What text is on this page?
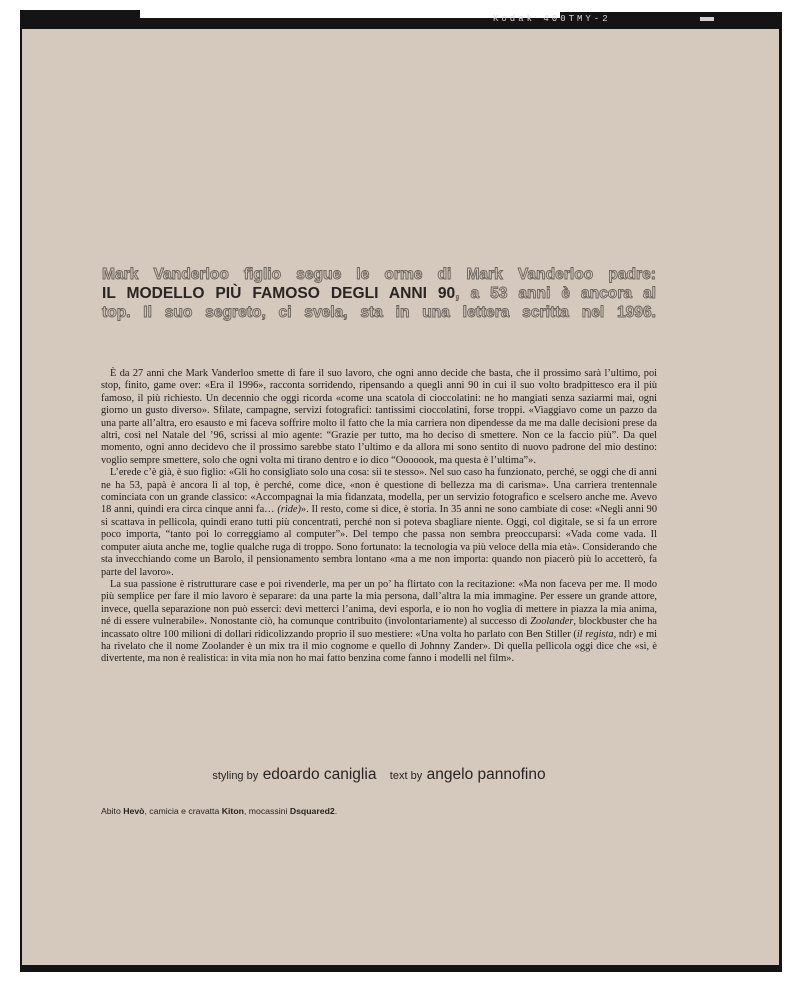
Kodak 400TMY-2
Mark Vanderloo figlio segue le orme di Mark Vanderloo padre:
IL MODELLO PIÙ FAMOSO DEGLI ANNI 90, a 53 anni è ancora al
top. Il suo segreto, ci svela, sta in una lettera scritta nel 1996.

È da 27 anni che Mark Vanderloo smette di fare il suo lavoro, che ogni anno decide che basta, che il prossimo sarà l’ultimo, poi stop, finito, game over: «Era il 1996», racconta sorridendo, ripensando a quegli anni 90 in cui il suo volto bradpittesco era il più famoso, il più richiesto. Un decennio che oggi ricorda «come una scatola di cioccolatini: ne ho mangiati senza saziarmi mai, ogni giorno un gusto diverso». Sfilate, campagne, servizi fotografici: tantissimi cioccolatini, forse troppi. «Viaggiavo come un pazzo da una parte all’altra, ero esausto e mi faceva soffrire molto il fatto che la mia carriera non dipendesse da me ma dalle decisioni prese da altri, così nel Natale del ’96, scrissi al mio agente: “Grazie per tutto, ma ho deciso di smettere. Non ce la faccio più”. Da quel momento, ogni anno decidevo che il prossimo sarebbe stato l’ultimo e da allora mi sono sentito di nuovo padrone del mio destino: voglio sempre smettere, solo che ogni volta mi tirano dentro e io dico “Ooooook, ma questa è l’ultima”».

L’erede c’è già, è suo figlio: «Gli ho consigliato solo una cosa: sii te stesso». Nel suo caso ha funzionato, perché, se oggi che di anni ne ha 53, papà è ancora lì al top, è perché, come dice, «non è questione di bellezza ma di carisma». Una carriera trentennale cominciata con un grande classico: «Accompagnai la mia fidanzata, modella, per un servizio fotografico e scelsero anche me. Avevo 18 anni, quindi era circa cinque anni fa… (ride)». Il resto, come si dice, è storia. In 35 anni ne sono cambiate di cose: «Negli anni 90 si scattava in pellicola, quindi erano tutti più concentrati, perché non si poteva sbagliare niente. Oggi, col digitale, se si fa un errore poco importa, “tanto poi lo correggiamo al computer”». Del tempo che passa non sembra preoccuparsi: «Vada come vada. Il computer aiuta anche me, toglie qualche ruga di troppo. Sono fortunato: la tecnologia va più veloce della mia età». Considerando che sta invecchiando come un Barolo, il pensionamento sembra lontano «ma a me non importa: quando non piacerò più lo accetterò, fa parte del lavoro».

La sua passione è ristrutturare case e poi rivenderle, ma per un po’ ha flirtato con la recitazione: «Ma non faceva per me. Il modo più semplice per fare il mio lavoro è separare: da una parte la mia persona, dall’altra la mia immagine. Per essere un grande attore, invece, quella separazione non può esserci: devi metterci l’anima, devi esporla, e io non ho voglia di mettere in piazza la mia anima, né di essere vulnerabile». Nonostante ciò, ha comunque contribuito (involontariamente) al successo di Zoolander, blockbuster che ha incassato oltre 100 milioni di dollari ridicolizzando proprio il suo mestiere: «Una volta ho parlato con Ben Stiller (il regista, ndr) e mi ha rivelato che il nome Zoolander è un mix tra il mio cognome e quello di Johnny Zander». Di quella pellicola oggi dice che «sì, è divertente, ma non è realistica: in vita mia non ho mai fatto benzina come fanno i modelli nel film».

styling by edoardo caniglia text by angelo pannofino
Abito Hevò, camicia e cravatta Kiton, mocassini Dsquared2.
